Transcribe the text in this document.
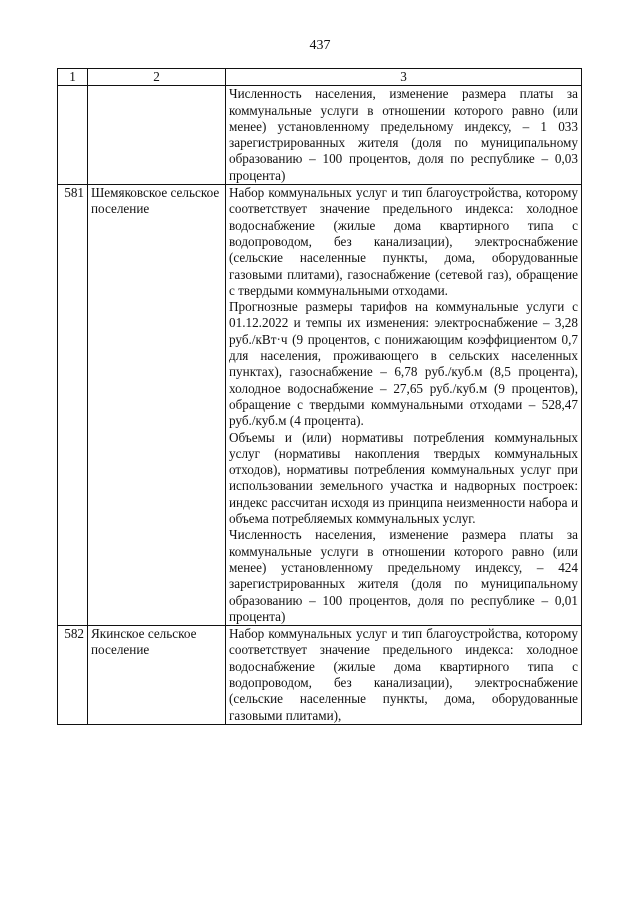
437
1	2	3

		Численность населения, изменение размера платы за коммунальные услуги в отношении которого равно (или менее) установленному предельному индексу, – 1 033 зарегистрированных жителя (доля по муниципальному образованию – 100 процентов, доля по республике – 0,03 процента)

581	Шемяковское сельское поселение	Набор коммунальных услуг и тип благоустройства, которому соответствует значение предельного индекса: холодное водоснабжение (жилые дома квартирного типа с водопроводом, без канализации), электроснабжение (сельские населенные пункты, дома, оборудованные газовыми плитами), газоснабжение (сетевой газ), обращение с твердыми коммунальными отходами.

Прогнозные размеры тарифов на коммунальные услуги с 01.12.2022 и темпы их изменения: электроснабжение – 3,28 руб./кВт·ч (9 процентов, с понижающим коэффициентом 0,7 для населения, проживающего в сельских населенных пунктах), газоснабжение – 6,78 руб./куб.м (8,5 процента), холодное водоснабжение – 27,65 руб./куб.м (9 процентов), обращение с твердыми коммунальными отходами – 528,47 руб./куб.м (4 процента).

Объемы и (или) нормативы потребления коммунальных услуг (нормативы накопления твердых коммунальных отходов), нормативы потребления коммунальных услуг при использовании земельного участка и надворных построек: индекс рассчитан исходя из принципа неизменности набора и объема потребляемых коммунальных услуг.

Численность населения, изменение размера платы за коммунальные услуги в отношении которого равно (или менее) установленному предельному индексу, – 424 зарегистрированных жителя (доля по муниципальному образованию – 100 процентов, доля по республике – 0,01 процента)

582	Якинское сельское поселение	Набор коммунальных услуг и тип благоустройства, которому соответствует значение предельного индекса: холодное водоснабжение (жилые дома квартирного типа с водопроводом, без канализации), электроснабжение (сельские населенные пункты, дома, оборудованные газовыми плитами),
